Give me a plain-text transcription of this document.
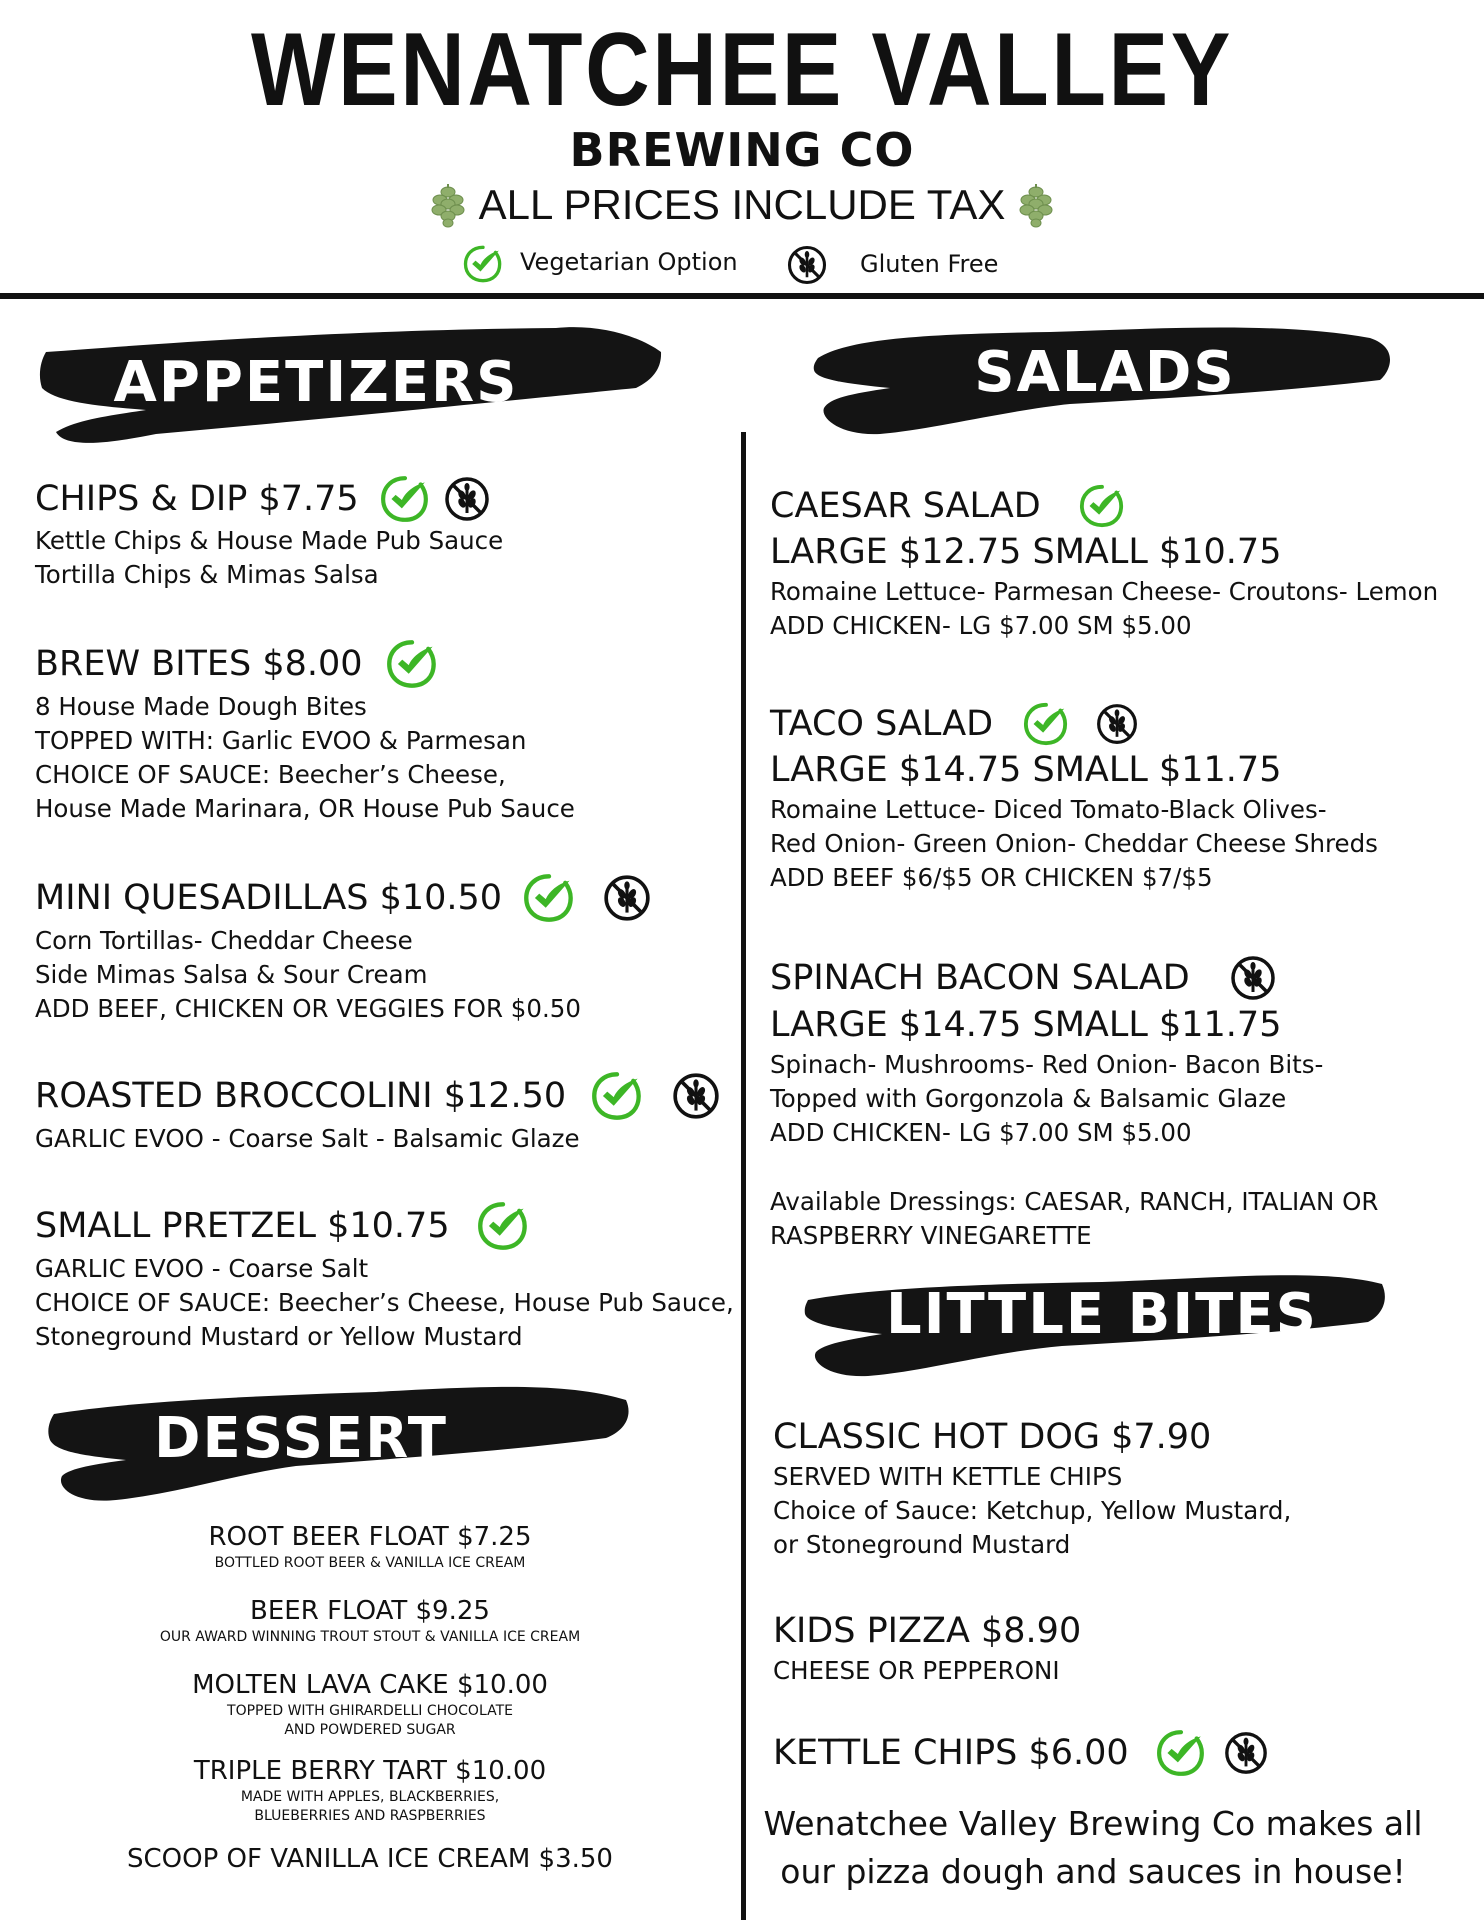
WENATCHEE VALLEY
BREWING CO
ALL PRICES INCLUDE TAX
Vegetarian Option	Gluten Free
APPETIZERS	SALADS
DESSERT
LITTLE BITES
CHIPS & DIP $7.75
Kettle Chips & House Made Pub Sauce
Tortilla Chips & Mimas Salsa
BREW BITES $8.00
8 House Made Dough Bites
TOPPED WITH: Garlic EVOO & Parmesan
CHOICE OF SAUCE: Beecher’s Cheese,
House Made Marinara, OR House Pub Sauce
MINI QUESADILLAS $10.50
Corn Tortillas- Cheddar Cheese
Side Mimas Salsa & Sour Cream
ADD BEEF, CHICKEN OR VEGGIES FOR $0.50
ROASTED BROCCOLINI $12.50
GARLIC EVOO - Coarse Salt - Balsamic Glaze
SMALL PRETZEL $10.75
GARLIC EVOO - Coarse Salt
CHOICE OF SAUCE: Beecher’s Cheese, House Pub Sauce,
Stoneground Mustard or Yellow Mustard
CAESAR SALAD
LARGE $12.75 SMALL $10.75
Romaine Lettuce- Parmesan Cheese- Croutons- Lemon
ADD CHICKEN- LG $7.00 SM $5.00
TACO SALAD
LARGE $14.75 SMALL $11.75
Romaine Lettuce- Diced Tomato-Black Olives-
Red Onion- Green Onion- Cheddar Cheese Shreds
ADD BEEF $6/$5 OR CHICKEN $7/$5
SPINACH BACON SALAD
LARGE $14.75 SMALL $11.75
Spinach- Mushrooms- Red Onion- Bacon Bits-
Topped with Gorgonzola & Balsamic Glaze
ADD CHICKEN- LG $7.00 SM $5.00
Available Dressings: CAESAR, RANCH, ITALIAN OR
RASPBERRY VINEGARETTE
ROOT BEER FLOAT $7.25
BOTTLED ROOT BEER & VANILLA ICE CREAM
BEER FLOAT $9.25
OUR AWARD WINNING TROUT STOUT & VANILLA ICE CREAM
MOLTEN LAVA CAKE $10.00
TOPPED WITH GHIRARDELLI CHOCOLATE
AND POWDERED SUGAR
TRIPLE BERRY TART $10.00
MADE WITH APPLES, BLACKBERRIES,
BLUEBERRIES AND RASPBERRIES
SCOOP OF VANILLA ICE CREAM $3.50
CLASSIC HOT DOG $7.90
SERVED WITH KETTLE CHIPS
Choice of Sauce: Ketchup, Yellow Mustard,
or Stoneground Mustard
KIDS PIZZA $8.90
CHEESE OR PEPPERONI
KETTLE CHIPS $6.00
Wenatchee Valley Brewing Co makes all
our pizza dough and sauces in house!
